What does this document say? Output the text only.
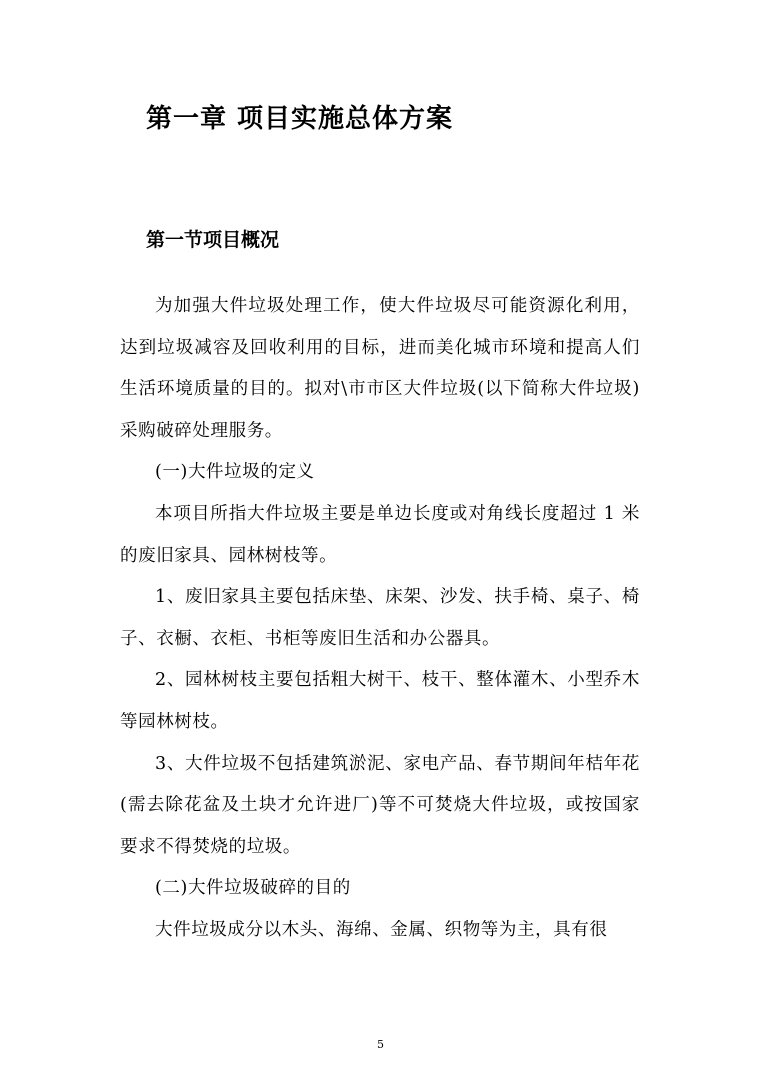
第一章 项目实施总体方案
第一节项目概况

为加强大件垃圾处理工作，使大件垃圾尽可能资源化利用，达到垃圾减容及回收利用的目标，进而美化城市环境和提高人们生活环境质量的目的。拟对\市市区大件垃圾(以下简称大件垃圾)采购破碎处理服务。

(一)大件垃圾的定义

本项目所指大件垃圾主要是单边长度或对角线长度超过 1 米的废旧家具、园林树枝等。

1、废旧家具主要包括床垫、床架、沙发、扶手椅、桌子、椅子、衣橱、衣柜、书柜等废旧生活和办公器具。

2、园林树枝主要包括粗大树干、枝干、整体灌木、小型乔木等园林树枝。

3、大件垃圾不包括建筑淤泥、家电产品、春节期间年桔年花(需去除花盆及土块才允许进厂)等不可焚烧大件垃圾，或按国家要求不得焚烧的垃圾。

(二)大件垃圾破碎的目的

大件垃圾成分以木头、海绵、金属、织物等为主，具有很

5
